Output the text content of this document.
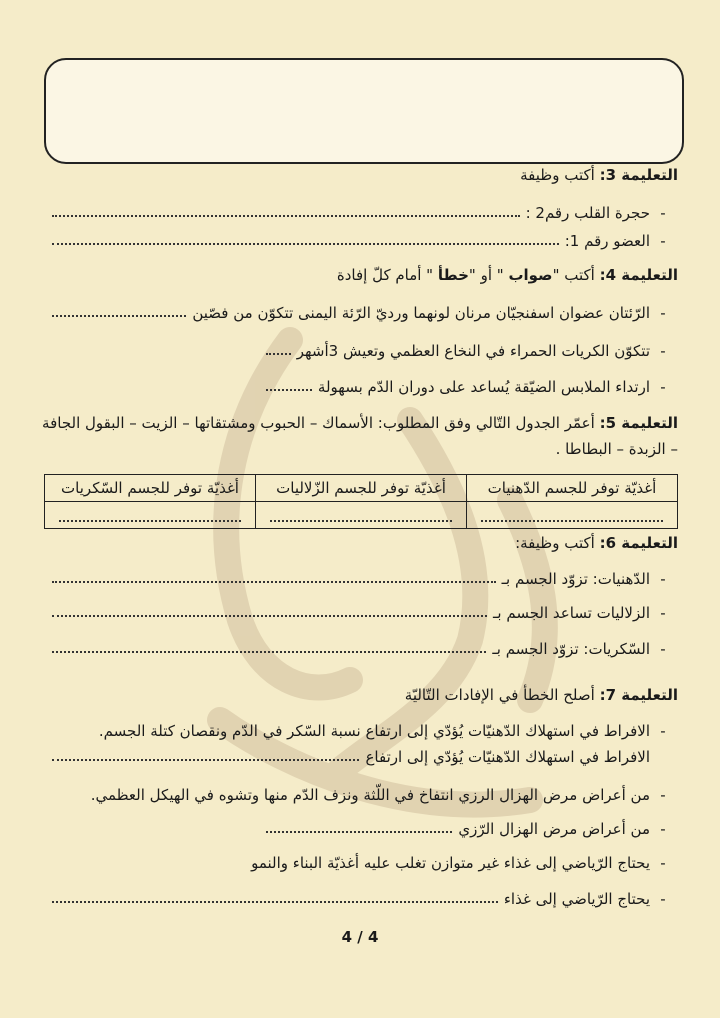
التعليمة 3: أكتب وظيفة
-
حجرة القلب رقم2 :
-
العضو رقم 1:
التعليمة 4: أكتب "صواب " أو "خطأ " أمام كلّ إفادة
-
الرّئتان عضوان اسفنجيّان مرنان لونهما ورديّ الرّئة اليمنى تتكوّن من فصّين
-
تتكوّن الكريات الحمراء في النخاع العظمي وتعيش 3أشهر
-
ارتداء الملابس الضيّقة يُساعد على دوران الدّم بسهولة
التعليمة 5: أعمّر الجدول التّالي وفق المطلوب: الأسماك – الحبوب ومشتقاتها – الزيت – البقول الجافة – الزبدة – البطاطا .
أغذيّة توفر للجسم الدّهنيات	أغذيّة توفر للجسم الزّلاليات	أغذيّة توفر للجسم السّكريات

التعليمة 6: أكتب وظيفة:
-
الدّهنيات: تزوّد الجسم بـ
-
الزلاليات تساعد الجسم بـ
-
السّكريات: تزوّد الجسم بـ
التعليمة 7: أصلح الخطأ في الإفادات التّاليّة
-
الافراط في استهلاك الدّهنيّات يُؤدّي إلى ارتفاع نسبة السّكر في الدّم ونقصان كتلة الجسم.
الافراط في استهلاك الدّهنيّات يُؤدّي إلى ارتفاع
-
من أعراض مرض الهزال الرزي انتفاخ في اللّثة ونزف الدّم منها وتشوه في الهيكل العظمي.
-
من أعراض مرض الهزال الرّزي
-
يحتاج الرّياضي إلى غذاء غير متوازن تغلب عليه أغذيّة البناء والنمو
-
يحتاج الرّياضي إلى غذاء
4 / 4
